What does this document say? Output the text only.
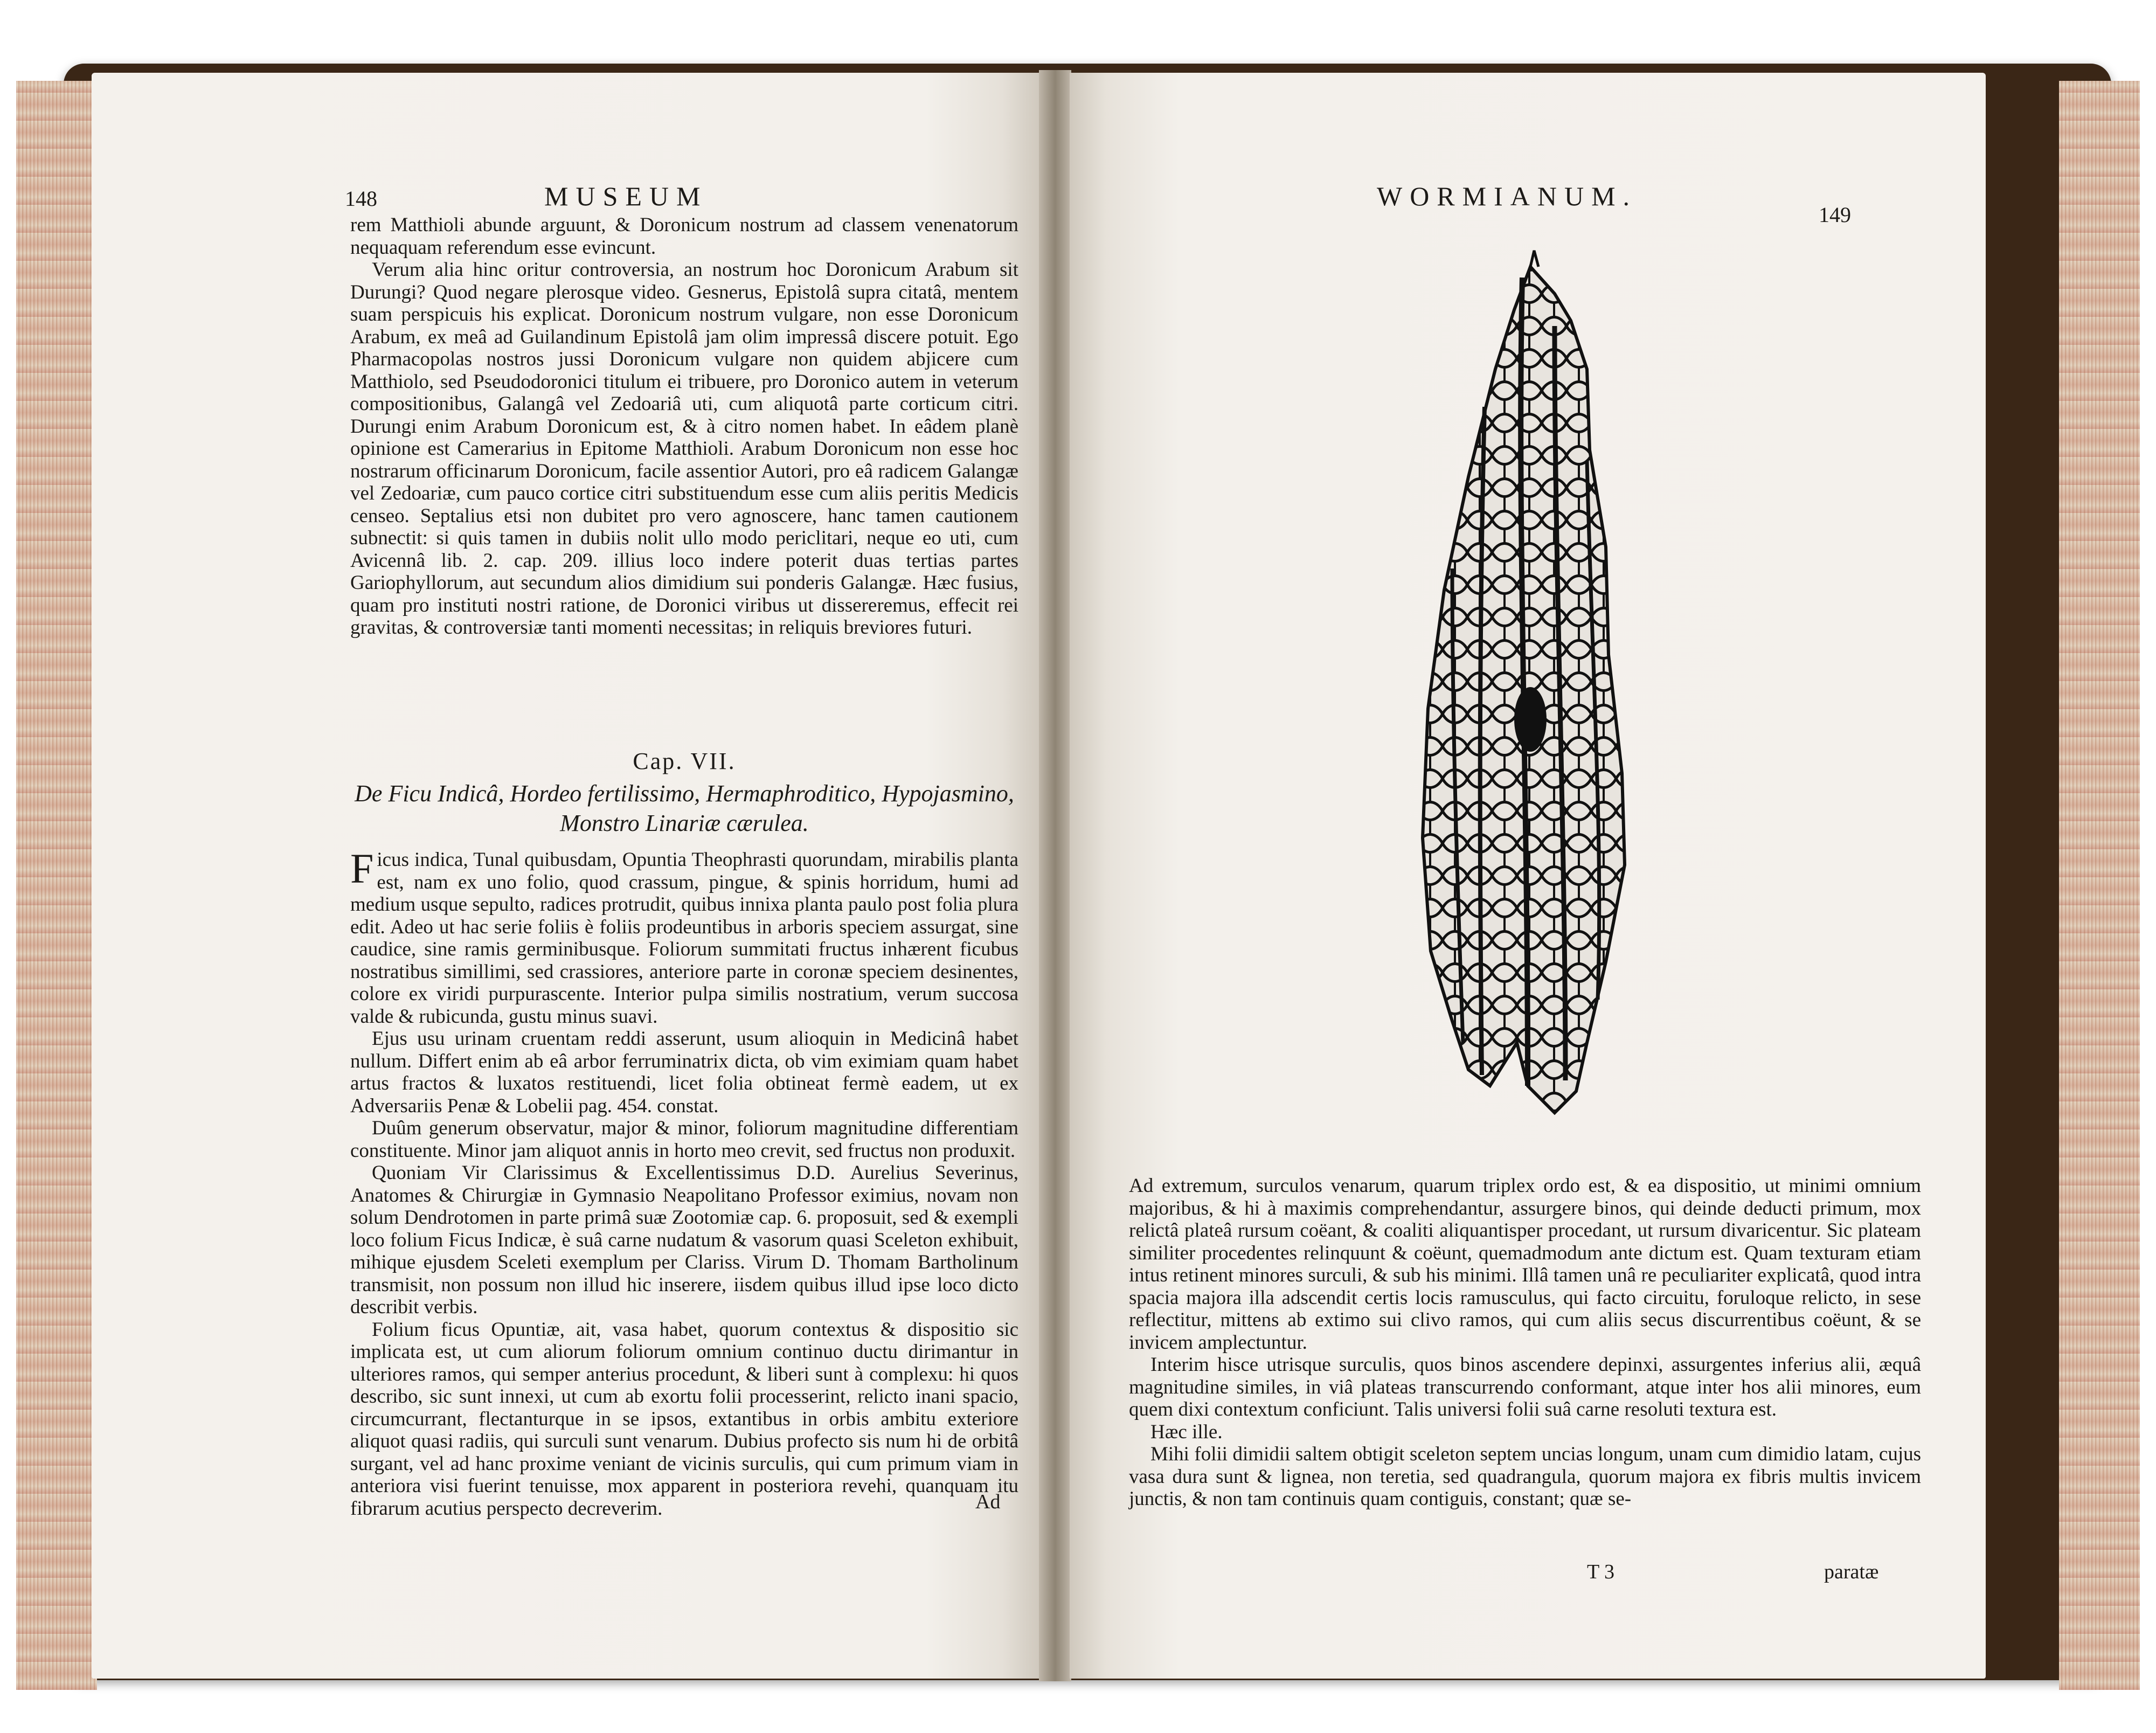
148	MUSEUM

rem Matthioli abunde arguunt, & Doronicum nostrum ad classem venenatorum nequaquam referendum esse evincunt.

Verum alia hinc oritur controversia, an nostrum hoc Doronicum Arabum sit Durungi? Quod negare plerosque video. Gesnerus, Epistolâ supra citatâ, mentem suam perspicuis his explicat. Doronicum nostrum vulgare, non esse Doronicum Arabum, ex meâ ad Guilandinum Epistolâ jam olim impressâ discere potuit. Ego Pharmacopolas nostros jussi Doronicum vulgare non quidem abjicere cum Matthiolo, sed Pseudodoronici titulum ei tribuere, pro Doronico autem in veterum compositionibus, Galangâ vel Zedoariâ uti, cum aliquotâ parte corticum citri. Durungi enim Arabum Doronicum est, & à citro nomen habet. In eâdem planè opinione est Camerarius in Epitome Matthioli. Arabum Doronicum non esse hoc nostrarum officinarum Doronicum, facile assentior Autori, pro eâ radicem Galangæ vel Zedoariæ, cum pauco cortice citri substituendum esse cum aliis peritis Medicis censeo. Septalius etsi non dubitet pro vero agnoscere, hanc tamen cautionem subnectit: si quis tamen in dubiis nolit ullo modo periclitari, neque eo uti, cum Avicennâ lib. 2. cap. 209. illius loco indere poterit duas tertias partes Gariophyllorum, aut secundum alios dimidium sui ponderis Galangæ. Hæc fusius, quam pro instituti nostri ratione, de Doronici viribus ut dissereremus, effecit rei gravitas, & controversiæ tanti momenti necessitas; in reliquis breviores futuri.

Cap. VII.
De Ficu Indicâ, Hordeo fertilissimo, Hermaphroditico, Hypojasmino,
Monstro Linariæ cærulea.

Ficus indica, Tunal quibusdam, Opuntia Theophrasti quorundam, mirabilis planta est, nam ex uno folio, quod crassum, pingue, & spinis horridum, humi ad medium usque sepulto, radices protrudit, quibus innixa planta paulo post folia plura edit. Adeo ut hac serie foliis è foliis prodeuntibus in arboris speciem assurgat, sine caudice, sine ramis germinibusque. Foliorum summitati fructus inhærent ficubus nostratibus simillimi, sed crassiores, anteriore parte in coronæ speciem desinentes, colore ex viridi purpurascente. Interior pulpa similis nostratium, verum succosa valde & rubicunda, gustu minus suavi.

Ejus usu urinam cruentam reddi asserunt, usum alioquin in Medicinâ habet nullum. Differt enim ab eâ arbor ferruminatrix dicta, ob vim eximiam quam habet artus fractos & luxatos restituendi, licet folia obtineat fermè eadem, ut ex Adversariis Penæ & Lobelii pag. 454. constat.

Duûm generum observatur, major & minor, foliorum magnitudine differentiam constituente. Minor jam aliquot annis in horto meo crevit, sed fructus non produxit.

Quoniam Vir Clarissimus & Excellentissimus D.D. Aurelius Severinus, Anatomes & Chirurgiæ in Gymnasio Neapolitano Professor eximius, novam non solum Dendrotomen in parte primâ suæ Zootomiæ cap. 6. proposuit, sed & exempli loco folium Ficus Indicæ, è suâ carne nudatum & vasorum quasi Sceleton exhibuit, mihique ejusdem Sceleti exemplum per Clariss. Virum D. Thomam Bartholinum transmisit, non possum non illud hic inserere, iisdem quibus illud ipse loco dicto describit verbis.

Folium ficus Opuntiæ, ait, vasa habet, quorum contextus & dispositio sic implicata est, ut cum aliorum foliorum omnium continuo ductu dirimantur in ulteriores ramos, qui semper anterius procedunt, & liberi sunt à complexu: hi quos describo, sic sunt innexi, ut cum ab exortu folii processerint, relicto inani spacio, circumcurrant, flectanturque in se ipsos, extantibus in orbis ambitu exteriore aliquot quasi radiis, qui surculi sunt venarum. Dubius profecto sis num hi de orbitâ surgant, vel ad hanc proxime veniant de vicinis surculis, qui cum primum viam in anteriora visi fuerint tenuisse, mox apparent in posteriora revehi, quanquam itu fibrarum acutius perspecto decreverim.	Ad
WORMIANUM.
149

Ad extremum, surculos venarum, quarum triplex ordo est, & ea dispositio, ut minimi omnium majoribus, & hi à maximis comprehendantur, assurgere binos, qui deinde deducti primum, mox relictâ plateâ rursum coëant, & coaliti aliquantisper procedant, ut rursum divaricentur. Sic plateam similiter procedentes relinquunt & coëunt, quemadmodum ante dictum est. Quam texturam etiam intus retinent minores surculi, & sub his minimi. Illâ tamen unâ re peculiariter explicatâ, quod intra spacia majora illa adscendit certis locis ramusculus, qui facto circuitu, foruloque relicto, in sese reflectitur, mittens ab extimo sui clivo ramos, qui cum aliis secus discurrentibus coëunt, & se invicem amplectuntur.

Interim hisce utrisque surculis, quos binos ascendere depinxi, assurgentes inferius alii, æquâ magnitudine similes, in viâ plateas transcurrendo conformant, atque inter hos alii minores, eum quem dixi contextum conficiunt. Talis universi folii suâ carne resoluti textura est.

Hæc ille.

Mihi folii dimidii saltem obtigit sceleton septem uncias longum, unam cum dimidio latam, cujus vasa dura sunt & lignea, non teretia, sed quadrangula, quorum majora ex fibris multis invicem junctis, & non tam continuis quam contiguis, constant; quæ se-

T 3	paratæ
